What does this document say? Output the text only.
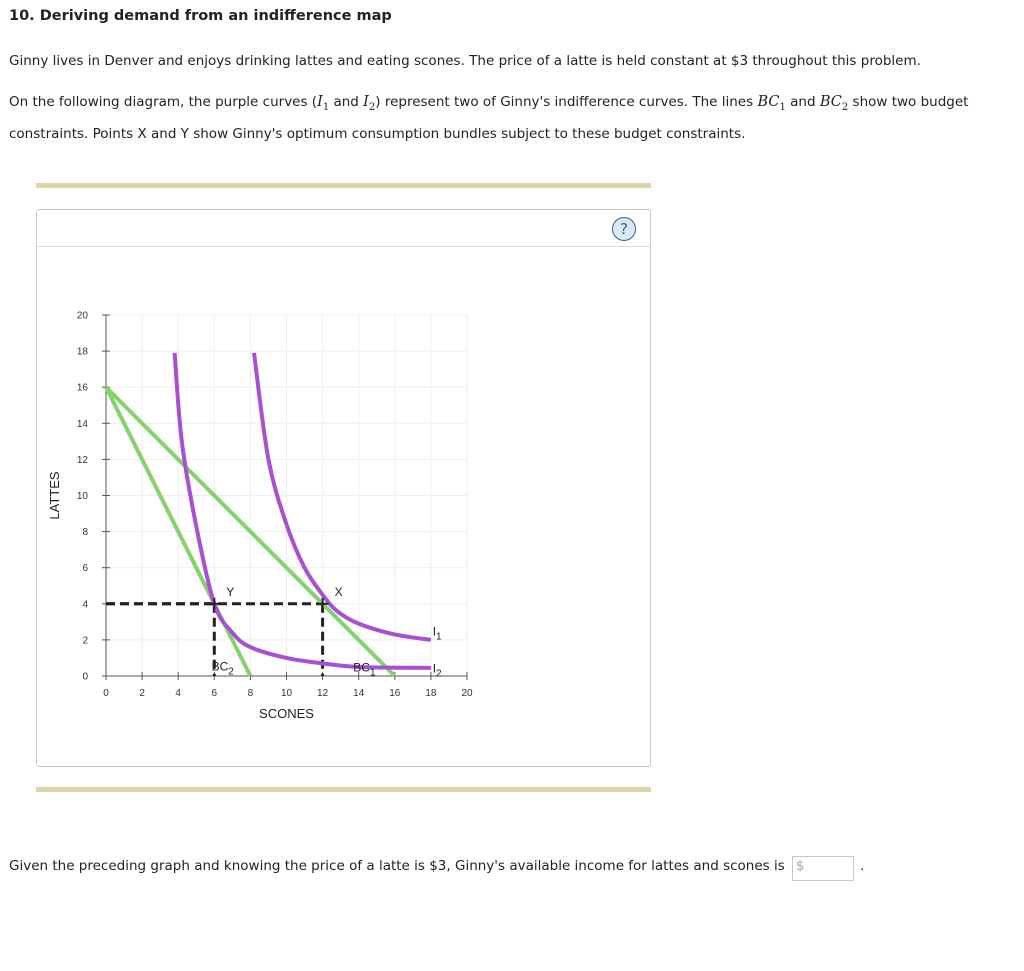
10. Deriving demand from an indifference map
Ginny lives in Denver and enjoys drinking lattes and eating scones. The price of a latte is held constant at $3 throughout this problem.
On the following diagram, the purple curves ($I_1$ and $I_2$) represent two of Ginny's indifference curves. The lines $BC_1$ and $BC_2$ show two budget constraints. Points X and Y show Ginny's optimum consumption bundles subject to these budget constraints.
?
0
2
4
6
8
10
12
14
16
18
20
0	2	4	6	8	10 12 14 16 18 20
SCONES
LATTES
X
Y
$BC_1$
$BC_2$
$I_1$
$I_2$
Given the preceding graph and knowing the price of a latte is $3, Ginny's available income for lattes and scones is $	.
